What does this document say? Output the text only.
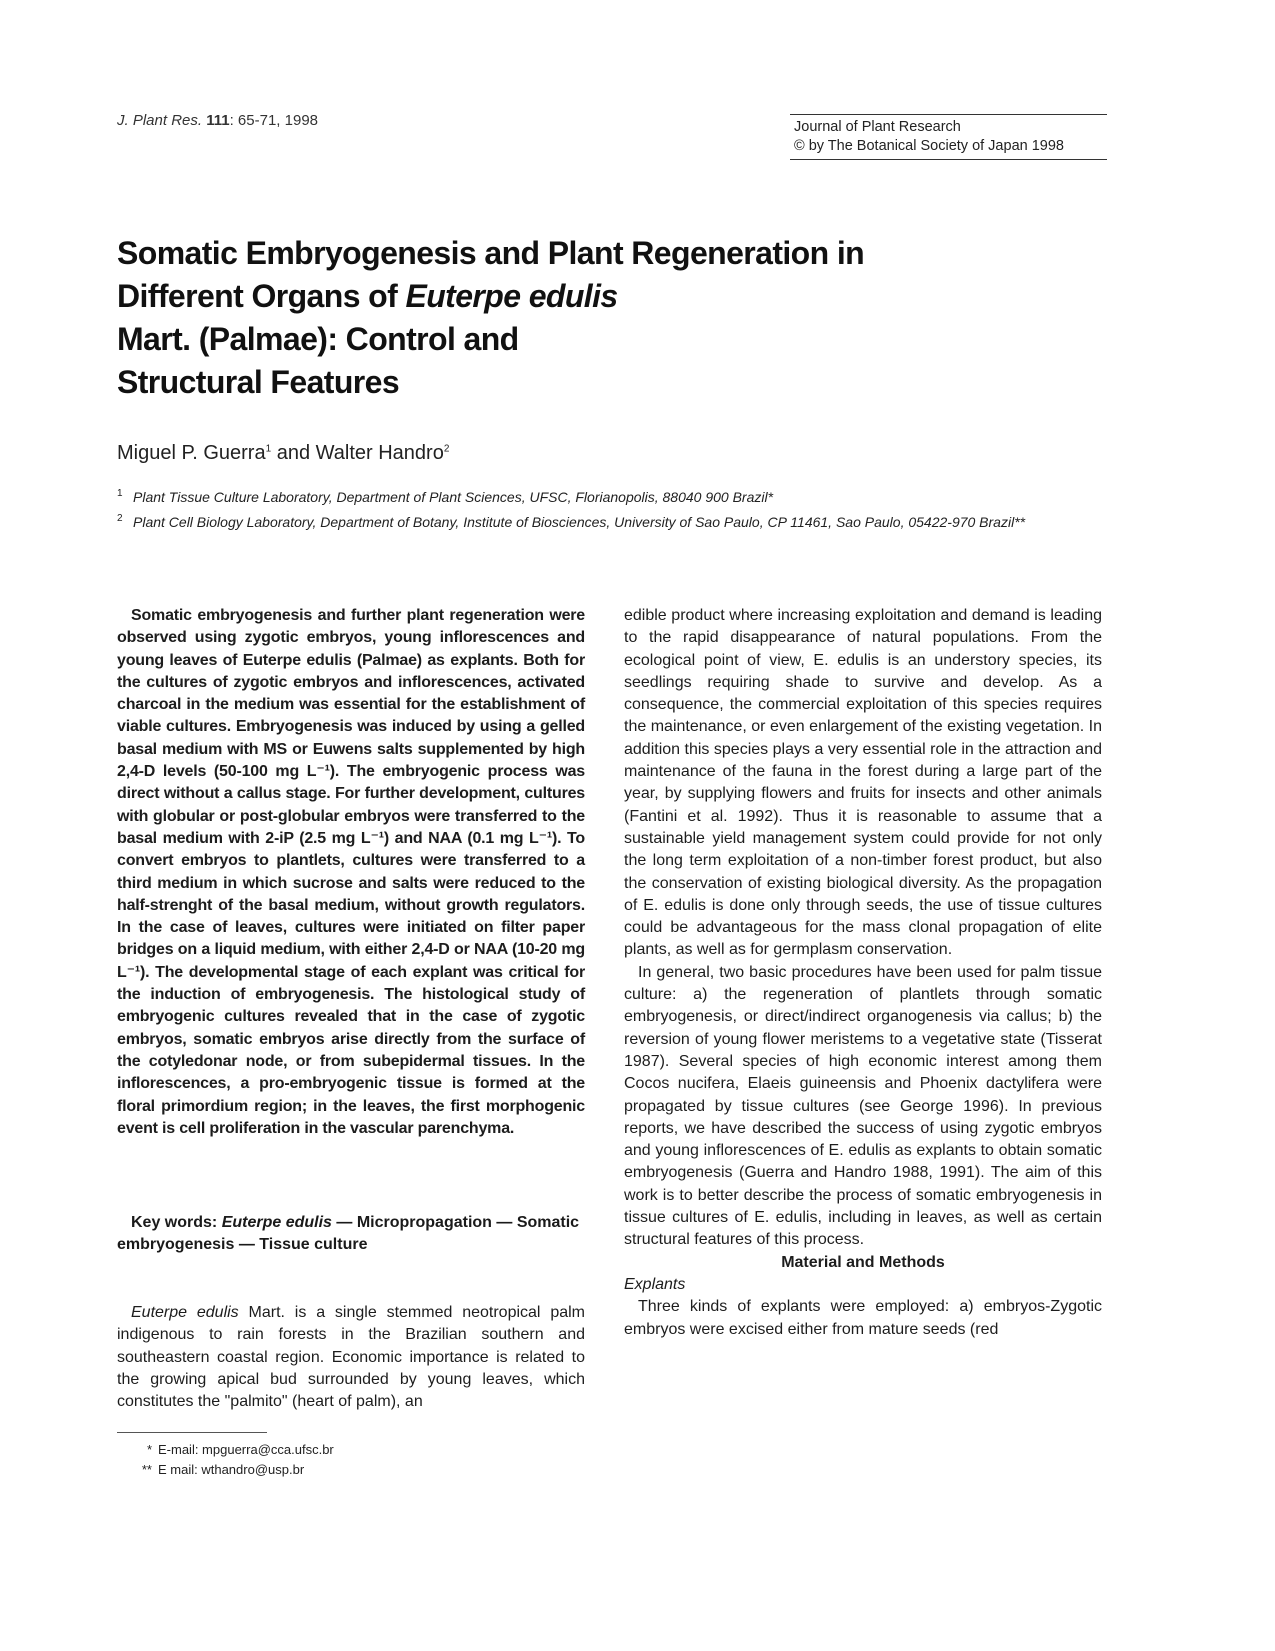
J. Plant Res. 111: 65-71, 1998	Journal of Plant Research
© by The Botanical Society of Japan 1998
Somatic Embryogenesis and Plant Regeneration in
Different Organs of Euterpe edulis
Mart. (Palmae): Control and
Structural Features
Miguel P. Guerra$^1$ and Walter Handro$^2$
1 Plant Tissue Culture Laboratory, Department of Plant Sciences, UFSC, Florianopolis, 88040 900 Brazil*
2 Plant Cell Biology Laboratory, Department of Botany, Institute of Biosciences, University of Sao Paulo, CP 11461, Sao Paulo, 05422-970 Brazil**

Somatic embryogenesis and further plant regeneration were observed using zygotic embryos, young inflorescences and young leaves of Euterpe edulis (Palmae) as explants. Both for the cultures of zygotic embryos and inflorescences, activated charcoal in the medium was essential for the establishment of viable cultures. Embryogenesis was induced by using a gelled basal medium with MS or Euwens salts supplemented by high 2,4-D levels (50-100 mg L⁻¹). The embryogenic process was direct without a callus stage. For further development, cultures with globular or post-globular embryos were transferred to the basal medium with 2-iP (2.5 mg L⁻¹) and NAA (0.1 mg L⁻¹). To convert embryos to plantlets, cultures were transferred to a third medium in which sucrose and salts were reduced to the half-strenght of the basal medium, without growth regulators. In the case of leaves, cultures were initiated on filter paper bridges on a liquid medium, with either 2,4-D or NAA (10-20 mg L⁻¹). The developmental stage of each explant was critical for the induction of embryogenesis. The histological study of embryogenic cultures revealed that in the case of zygotic embryos, somatic embryos arise directly from the surface of the cotyledonar node, or from subepidermal tissues. In the inflorescences, a pro-embryogenic tissue is formed at the floral primordium region; in the leaves, the first morphogenic event is cell proliferation in the vascular parenchyma.

Key words: Euterpe edulis — Micropropagation — Somatic embryogenesis — Tissue culture

Euterpe edulis Mart. is a single stemmed neotropical palm indigenous to rain forests in the Brazilian southern and southeastern coastal region. Economic importance is related to the growing apical bud surrounded by young leaves, which constitutes the "palmito" (heart of palm), an

edible product where increasing exploitation and demand is leading to the rapid disappearance of natural populations. From the ecological point of view, E. edulis is an understory species, its seedlings requiring shade to survive and develop. As a consequence, the commercial exploitation of this species requires the maintenance, or even enlargement of the existing vegetation. In addition this species plays a very essential role in the attraction and maintenance of the fauna in the forest during a large part of the year, by supplying flowers and fruits for insects and other animals (Fantini et al. 1992). Thus it is reasonable to assume that a sustainable yield management system could provide for not only the long term exploitation of a non-timber forest product, but also the conservation of existing biological diversity. As the propagation of E. edulis is done only through seeds, the use of tissue cultures could be advantageous for the mass clonal propagation of elite plants, as well as for germplasm conservation.

In general, two basic procedures have been used for palm tissue culture: a) the regeneration of plantlets through somatic embryogenesis, or direct/indirect organogenesis via callus; b) the reversion of young flower meristems to a vegetative state (Tisserat 1987). Several species of high economic interest among them Cocos nucifera, Elaeis guineensis and Phoenix dactylifera were propagated by tissue cultures (see George 1996). In previous reports, we have described the success of using zygotic embryos and young inflorescences of E. edulis as explants to obtain somatic embryogenesis (Guerra and Handro 1988, 1991). The aim of this work is to better describe the process of somatic embryogenesis in tissue cultures of E. edulis, including in leaves, as well as certain structural features of this process.

Material and Methods

Explants

Three kinds of explants were employed: a) embryos-Zygotic embryos were excised either from mature seeds (red

* E-mail: mpguerra@cca.ufsc.br
** E mail: wthandro@usp.br
